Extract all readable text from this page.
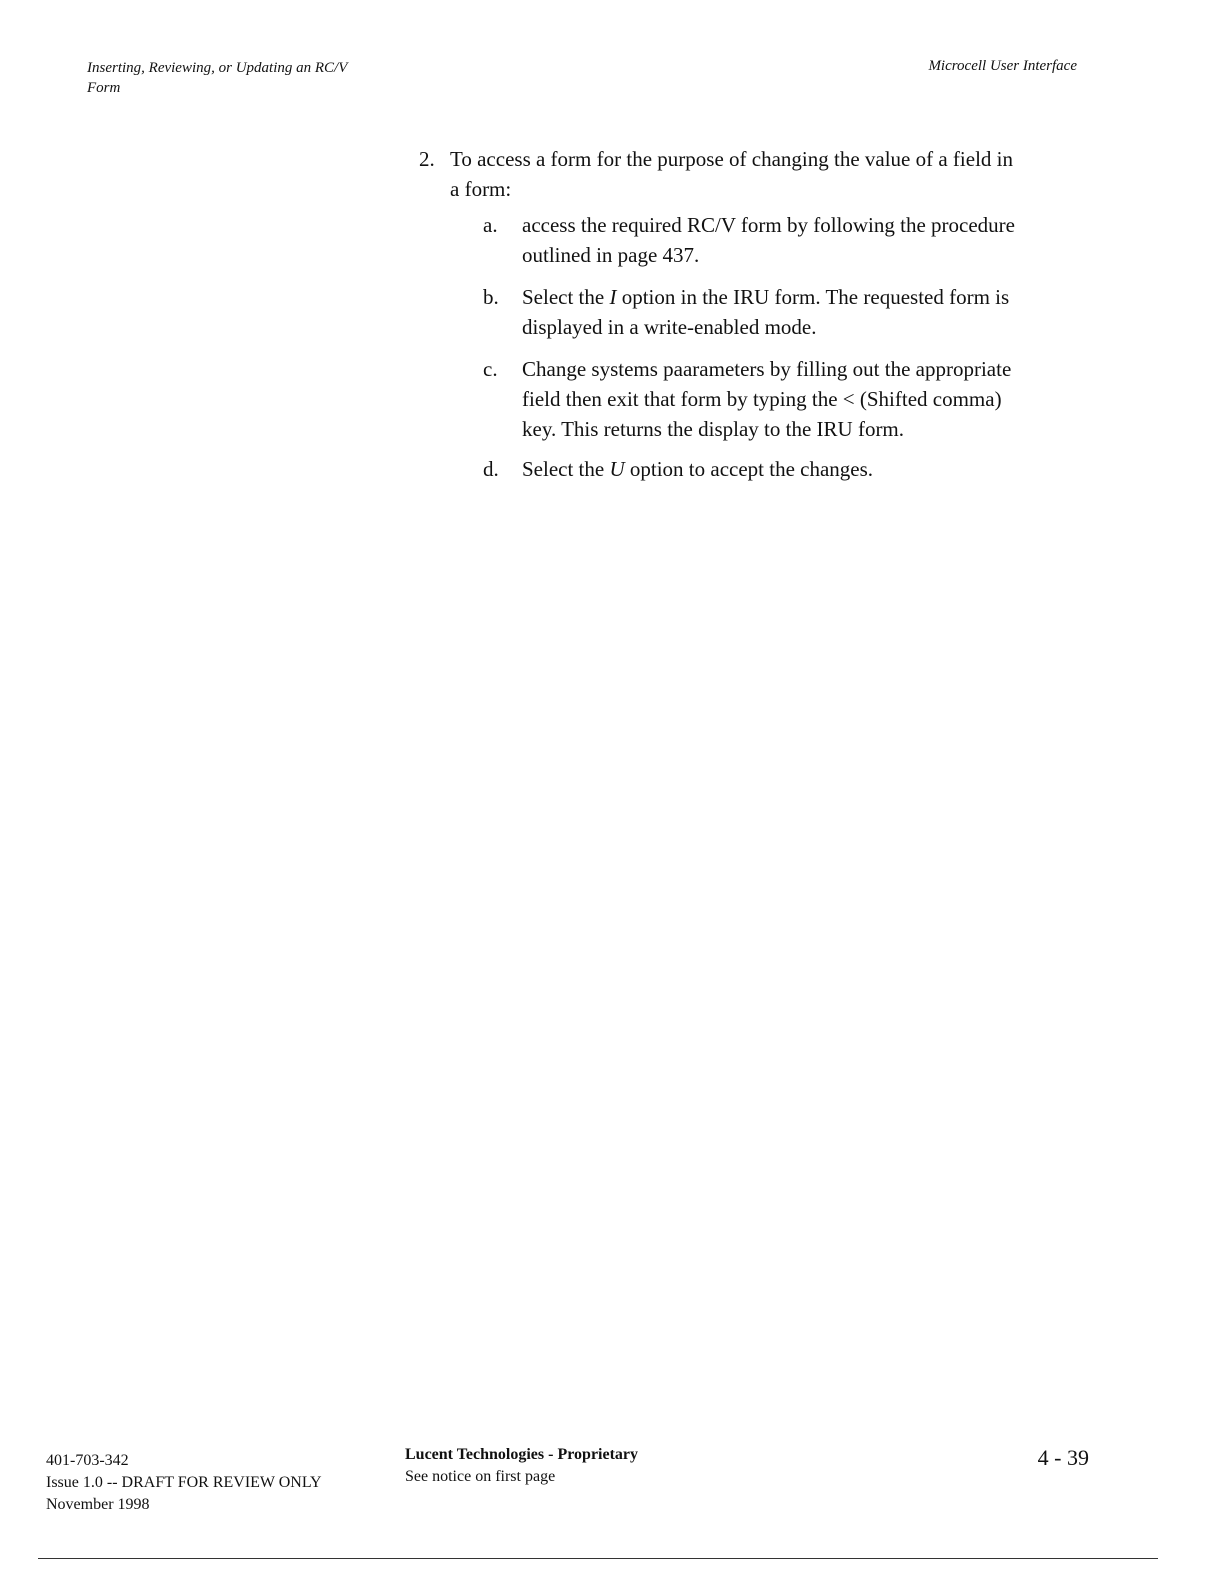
Inserting, Reviewing, or Updating an RC/V
Form
Microcell User Interface
2. To access a form for the purpose of changing the value of a field in
a form:
a. access the required RC/V form by following the procedure
outlined in page 437.
b. Select the I option in the IRU form. The requested form is
displayed in a write-enabled mode.
c. Change systems paarameters by filling out the appropriate
field then exit that form by typing the < (Shifted comma)
key. This returns the display to the IRU form.
d. Select the U option to accept the changes.
401-703-342
Issue 1.0 -- DRAFT FOR REVIEW ONLY
November 1998
Lucent Technologies - Proprietary
See notice on first page
4 - 39
